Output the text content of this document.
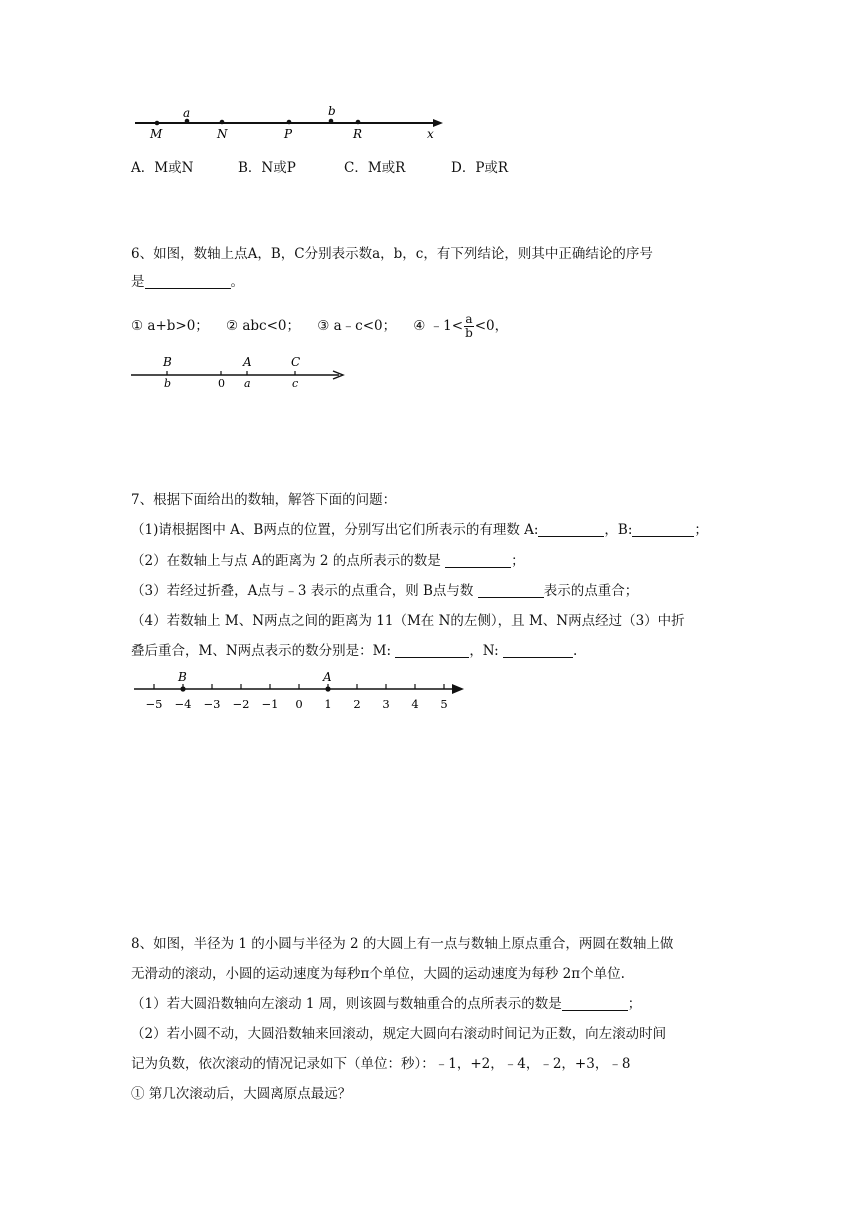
M
a
N	P
b
R	x
A．M或N	B．N或P	C．M或R	D．P或R
6、如图，数轴上点A，B，C分别表示数a，b，c，有下列结论，则其中正确结论的序号
是	。
① a+b>0； ② abc<0； ③ a﹣c<0； ④ ﹣1< $\frac{a}{b} <0$，
B
b	0
A
a
C
c
7、根据下面给出的数轴，解答下面的问题：
（1)请根据图中 A、B两点的位置，分别写出它们所表示的有理数 A:	，B:	；
（2）在数轴上与点 A的距离为 2 的点所表示的数是	；
（3）若经过折叠，A点与﹣3 表示的点重合，则 B点与数	表示的点重合；
（4）若数轴上 M、N两点之间的距离为 11（M在 N的左侧），且 M、N两点经过（3）中折
叠后重合，M、N两点表示的数分别是：M:	，N:	.
−5 −4 −3 −2 −1 0 1 2 3 4 5
B	A
8、如图，半径为 1 的小圆与半径为 2 的大圆上有一点与数轴上原点重合，两圆在数轴上做
无滑动的滚动，小圆的运动速度为每秒π个单位，大圆的运动速度为每秒 2π个单位.
（1）若大圆沿数轴向左滚动 1 周，则该圆与数轴重合的点所表示的数是	；
（2）若小圆不动，大圆沿数轴来回滚动，规定大圆向右滚动时间记为正数，向左滚动时间
记为负数，依次滚动的情况记录如下（单位：秒）：﹣1，+2，﹣4，﹣2，+3，﹣8
① 第几次滚动后，大圆离原点最远？
